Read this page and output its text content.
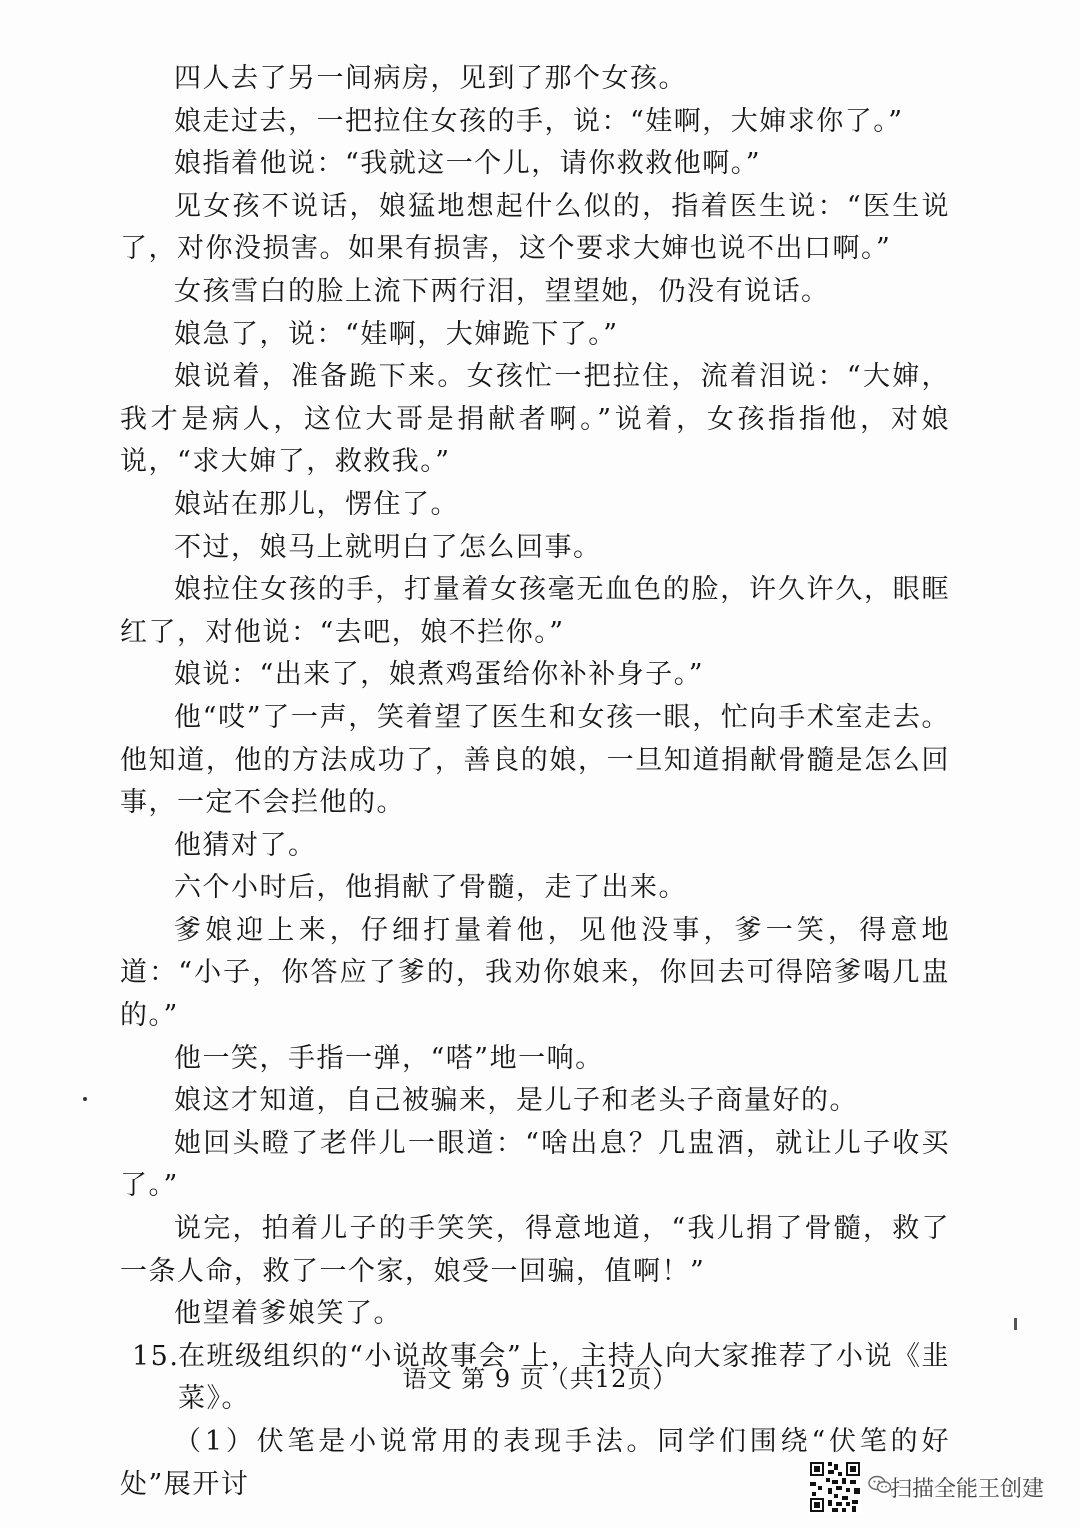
四人去了另一间病房，见到了那个女孩。

娘走过去，一把拉住女孩的手，说：“娃啊，大婶求你了。”

娘指着他说：“我就这一个儿，请你救救他啊。”

见女孩不说话，娘猛地想起什么似的，指着医生说：“医生说了，对你没损害。如果有损害，这个要求大婶也说不出口啊。”

女孩雪白的脸上流下两行泪，望望她，仍没有说话。

娘急了，说：“娃啊，大婶跪下了。”

娘说着，准备跪下来。女孩忙一把拉住，流着泪说：“大婶，我才是病人，这位大哥是捐献者啊。”说着，女孩指指他，对娘说，“求大婶了，救救我。”

娘站在那儿，愣住了。

不过，娘马上就明白了怎么回事。

娘拉住女孩的手，打量着女孩毫无血色的脸，许久许久，眼眶红了，对他说：“去吧，娘不拦你。”

娘说：“出来了，娘煮鸡蛋给你补补身子。”

他“哎”了一声，笑着望了医生和女孩一眼，忙向手术室走去。他知道，他的方法成功了，善良的娘，一旦知道捐献骨髓是怎么回事，一定不会拦他的。

他猜对了。

六个小时后，他捐献了骨髓，走了出来。

爹娘迎上来，仔细打量着他，见他没事，爹一笑，得意地道：“小子，你答应了爹的，我劝你娘来，你回去可得陪爹喝几盅的。”

他一笑，手指一弹，“嗒”地一响。

娘这才知道，自己被骗来，是儿子和老头子商量好的。

她回头瞪了老伴儿一眼道：“啥出息？几盅酒，就让儿子收买了。”

说完，拍着儿子的手笑笑，得意地道，“我儿捐了骨髓，救了一条人命，救了一个家，娘受一回骗，值啊！”

他望着爹娘笑了。

15.
在班级组织的“小说故事会”上，主持人向大家推荐了小说《韭菜》。

（1）伏笔是小说常用的表现手法。同学们围绕“伏笔的好处”展开讨

语文 第 9 页（共12页）
扫描全能王创建
